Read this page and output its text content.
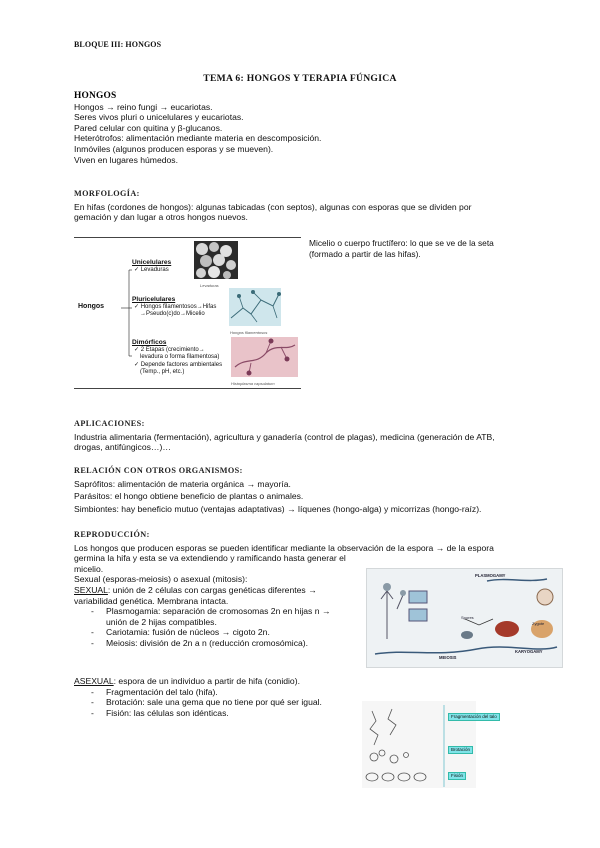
BLOQUE III: HONGOS
TEMA 6: HONGOS Y TERAPIA FÚNGICA
HONGOS
Hongos → reino fungi → eucariotas.
Seres vivos pluri o unicelulares y eucariotas.
Pared celular con quitina y β-glucanos.
Heterótrofos: alimentación mediante materia en descomposición.
Inmóviles (algunos producen esporas y se mueven).
Viven en lugares húmedos.
MORFOLOGÍA:
En hifas (cordones de hongos): algunas tabicadas (con septos), algunas con esporas que se dividen por
gemación y dan lugar a otros hongos nuevos.
Micelio o cuerpo fructífero: lo que se ve de la seta
(formado a partir de las hifas).
Hongos
Unicelulares
✓ Levaduras
Pluricelulares
✓ Hongos filamentosos→Hifas
→Pseudo(c)do→Micelio
Dimórficos
✓ 2 Etapas (crecimiento→
levadura o forma filamentosa)
✓ Depende factores ambientales
(Temp., pH, etc.)
Levaduras
Hongos filamentosos
Histoplasma capsulatum
APLICACIONES:
Industria alimentaria (fermentación), agricultura y ganadería (control de plagas), medicina (generación de ATB,
drogas, antifúngicos…)…
RELACIÓN CON OTROS ORGANISMOS:
Saprófitos: alimentación de materia orgánica → mayoría.
Parásitos: el hongo obtiene beneficio de plantas o animales.
Simbiontes: hay beneficio mutuo (ventajas adaptativas) → líquenes (hongo-alga) y micorrizas (hongo-raíz).
REPRODUCCIÓN:
Los hongos que producen esporas se pueden identificar mediante la observación de la espora → de la espora
germina la hifa y esta se va extendiendo y ramificando hasta generar el
micelio.
Sexual (esporas-meiosis) o asexual (mitosis):
SEXUAL: unión de 2 células con cargas genéticas diferentes →
variabilidad genética. Membrana intacta.
- Plasmogamia: separación de cromosomas 2n en hijas n →
unión de 2 hijas compatibles.
- Cariotamia: fusión de núcleos → cigoto 2n.
- Meiosis: división de 2n a n (reducción cromosómica).
ASEXUAL: espora de un individuo a partir de hifa (conidio).
- Fragmentación del talo (hifa).
- Brotación: sale una gema que no tiene por qué ser igual.
- Fisión: las células son idénticas.
PLASMOGAMY
MEIOSIS
KARYOGAMY
Spores
Zygote
Fragmentación del talo
Brotación
Fisión
